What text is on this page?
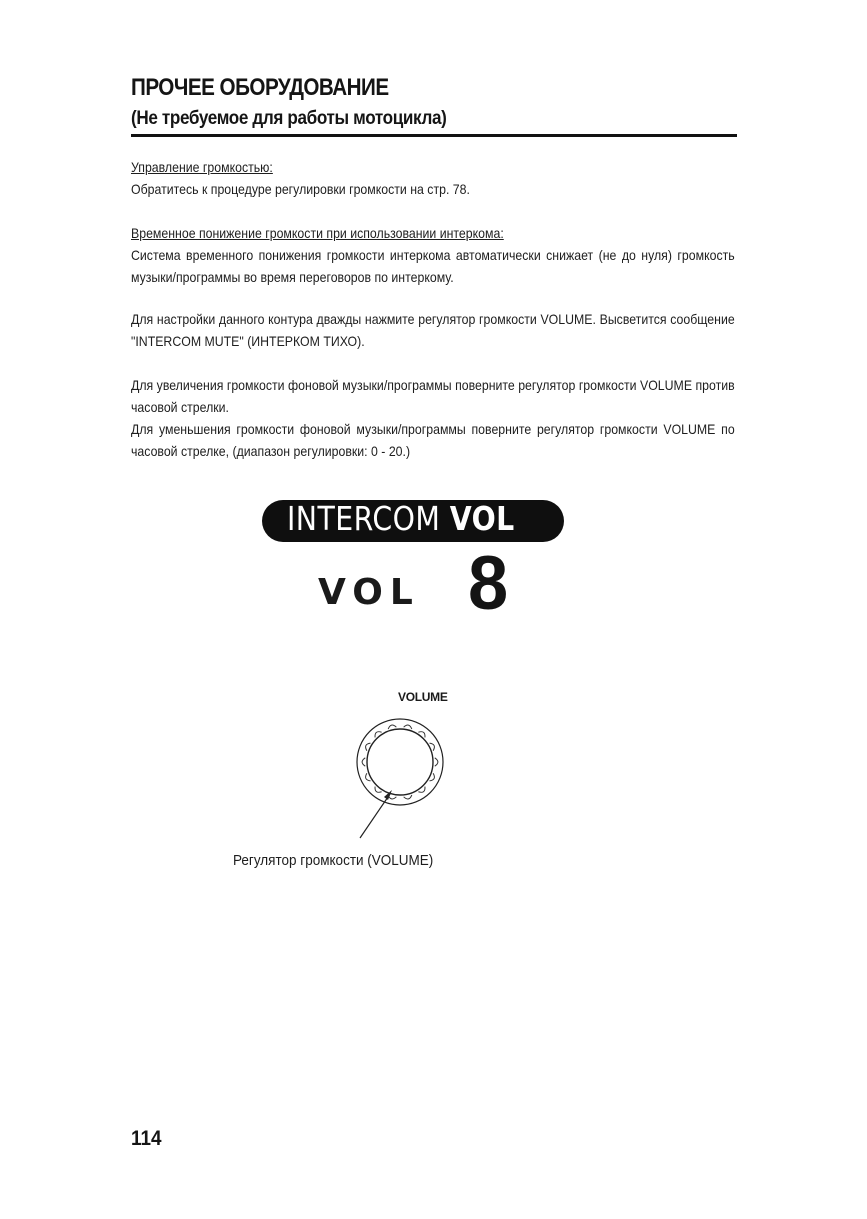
ПРОЧЕЕ ОБОРУДОВАНИЕ
(Не требуемое для работы мотоцикла)
Управление громкостью:
Обратитесь к процедуре регулировки громкости на стр. 78.
Временное понижение громкости при использовании интеркома:
Система временного понижения громкости интеркома автоматически снижает (не до нуля) громкость музыки/программы во время переговоров по интеркому.
Для настройки данного контура дважды нажмите регулятор громкости VOLUME. Высветится сообщение "INTERCOM MUTE" (ИНТЕРКОМ ТИХО).
Для увеличения громкости фоновой музыки/программы поверните регулятор громкости VOLUME против часовой стрелки.
Для уменьшения громкости фоновой музыки/программы поверните регулятор громкости VOLUME по часовой стрелке, (диапазон регулировки: 0 - 20.)
INTERCOM VOL
VOL 8
VOLUME
Регулятор громкости (VOLUME)
114
